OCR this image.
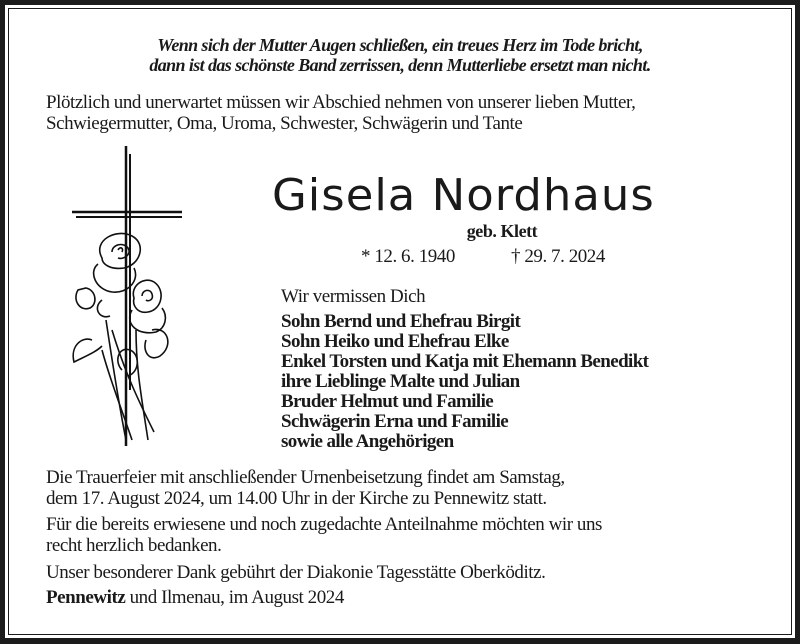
Wenn sich der Mutter Augen schließen, ein treues Herz im Tode bricht,
dann ist das schönste Band zerrissen, denn Mutterliebe ersetzt man nicht.
Plötzlich und unerwartet müssen wir Abschied nehmen von unserer lieben Mutter,
Schwiegermutter, Oma, Uroma, Schwester, Schwägerin und Tante
Gisela Nordhaus
geb. Klett
* 12. 6. 1940	† 29. 7. 2024
Wir vermissen Dich
Sohn Bernd und Ehefrau Birgit
Sohn Heiko und Ehefrau Elke
Enkel Torsten und Katja mit Ehemann Benedikt
ihre Lieblinge Malte und Julian
Bruder Helmut und Familie
Schwägerin Erna und Familie
sowie alle Angehörigen
Die Trauerfeier mit anschließender Urnenbeisetzung findet am Samstag,
dem 17. August 2024, um 14.00 Uhr in der Kirche zu Pennewitz statt.
Für die bereits erwiesene und noch zugedachte Anteilnahme möchten wir uns
recht herzlich bedanken.
Unser besonderer Dank gebührt der Diakonie Tagesstätte Oberköditz.
Pennewitz und Ilmenau, im August 2024
